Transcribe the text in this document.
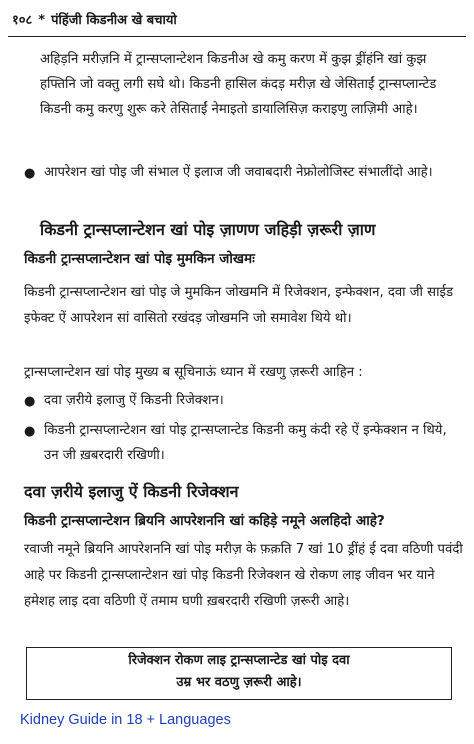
१०८ * पंहिंजी किडनीअ खे बचायो

अहिड़नि मरीज़नि में ट्रान्सप्लान्टेशन किडनीअ खे कमु करण में कुझ ड्रींहंनि खां कुझ हफ्तिनि जो वक्तु लगी सघे थो। किडनी हासिल कंदड़ मरीज़ खे जेसिताईं ट्रान्सप्लान्टेड किडनी कमु करणु शुरू करे तेसिताईं नेमाइतो डायालिसिज़ कराइणु लाज़िमी आहे।

● आपरेशन खां पोइ जी संभाल ऐं इलाज जी जवाबदारी नेफ्रोलोजिस्ट संभालींदो आहे।

किडनी ट्रान्सप्लान्टेशन खां पोइ ज़ाणण जहिड़ी ज़रूरी ज़ाण
किडनी ट्रान्सप्लान्टेशन खां पोइ मुमकिन जोखमः

किडनी ट्रान्सप्लान्टेशन खां पोइ जे मुमकिन जोखमनि में रिजेक्शन, इन्फेक्शन, दवा जी साईड इफेक्ट ऐं आपरेशन सां वासितो रखंदड़ जोखमनि जो समावेश थिये थो।

ट्रान्सप्लान्टेशन खां पोइ मुख्य ब सूचिनाऊं ध्यान में रखणु ज़रूरी आहिन :

● दवा ज़रीये इलाजु ऐं किडनी रिजेक्शन।

● किडनी ट्रान्सप्लान्टेशन खां पोइ ट्रान्सप्लान्टेड किडनी कमु कंदी रहे ऐं इन्फेक्शन न थिये, उन जी ख़बरदारी रखिणी।

दवा ज़रीये इलाजु ऐं किडनी रिजेक्शन
किडनी ट्रान्सप्लान्टेशन ब्रियनि आपरेशननि खां कहिड़े नमूने अलहिदो आहे?

रवाजी नमूने ब्रियनि आपरेशननि खां पोइ मरीज़ के फ़क़ति 7 खां 10 ड्रींहं ई दवा वठिणी पवंदी आहे पर किडनी ट्रान्सप्लान्टेशन खां पोइ किडनी रिजेक्शन खे रोकण लाइ जीवन भर याने हमेशह लाइ दवा वठिणी ऐं तमाम घणी ख़बरदारी रखिणी ज़रूरी आहे।

रिजेक्शन रोकण लाइ ट्रान्सप्लान्टेड खां पोइ दवा
उम्र भर वठणु ज़रूरी आहे।
Kidney Guide in 18 + Languages
